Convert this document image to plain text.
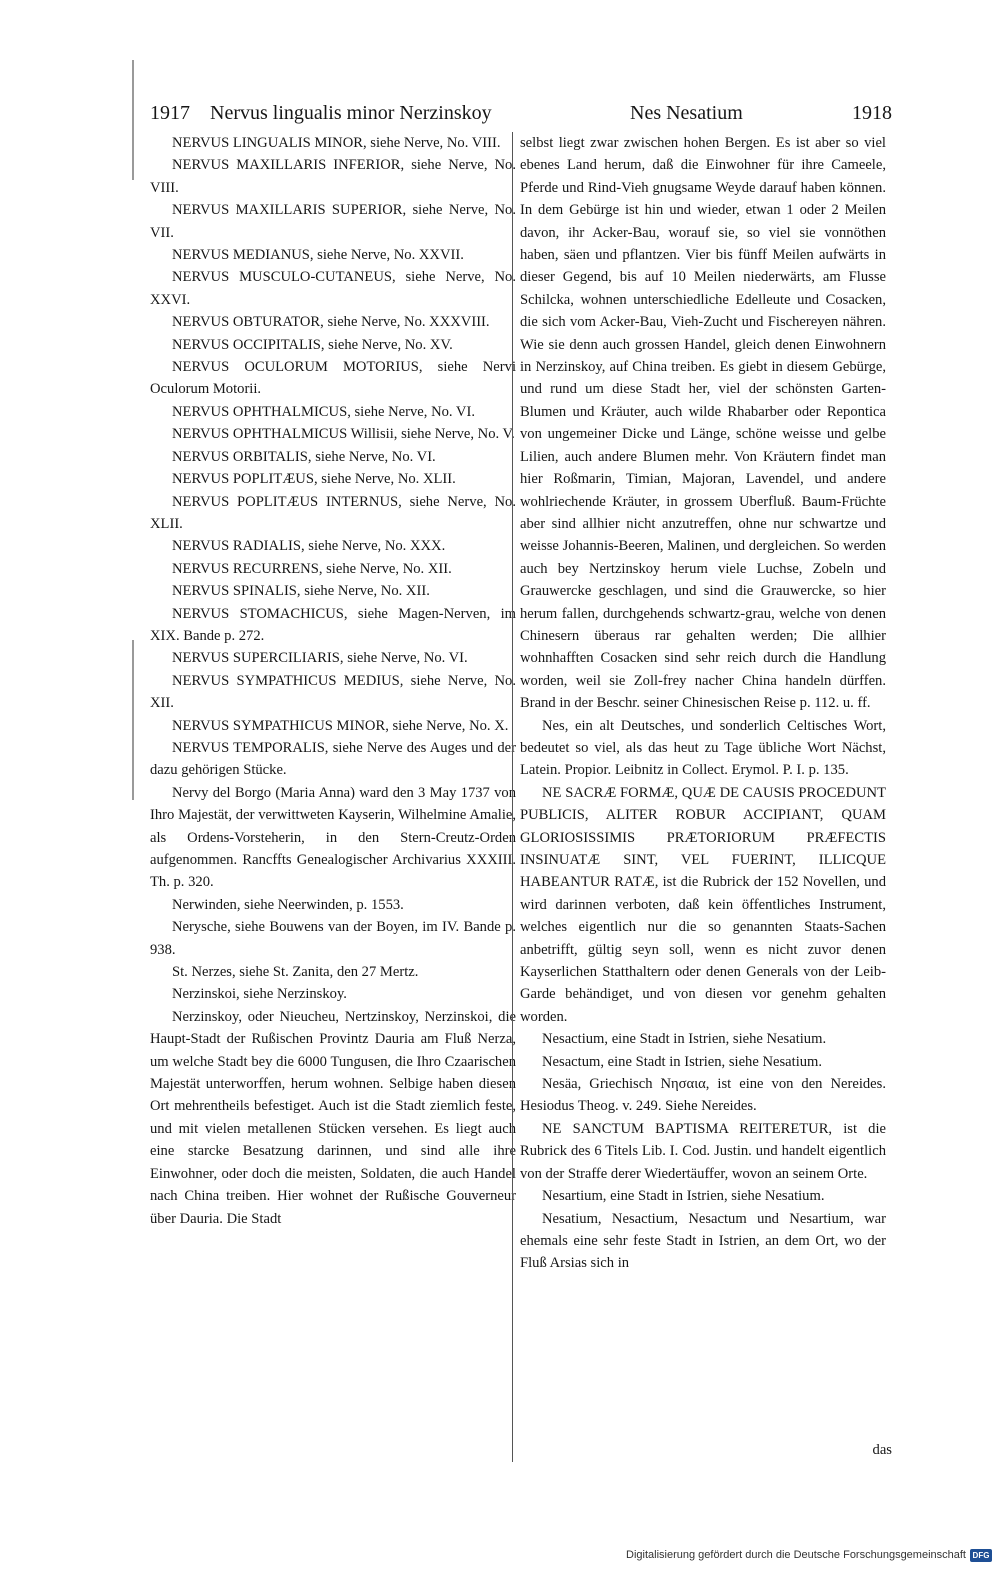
1917 Nervus lingualis minor Nerzinskoy	Nes Nesatium	1918

NERVUS LINGUALIS MINOR, siehe Nerve, No. VIII.

NERVUS MAXILLARIS INFERIOR, siehe Nerve, No. VIII.

NERVUS MAXILLARIS SUPERIOR, siehe Nerve, No. VII.

NERVUS MEDIANUS, siehe Nerve, No. XXVII.

NERVUS MUSCULO-CUTANEUS, siehe Nerve, No. XXVI.

NERVUS OBTURATOR, siehe Nerve, No. XXXVIII.

NERVUS OCCIPITALIS, siehe Nerve, No. XV.

NERVUS OCULORUM MOTORIUS, siehe Nervi Oculorum Motorii.

NERVUS OPHTHALMICUS, siehe Nerve, No. VI.

NERVUS OPHTHALMICUS Willisii, siehe Nerve, No. V.

NERVUS ORBITALIS, siehe Nerve, No. VI.

NERVUS POPLITÆUS, siehe Nerve, No. XLII.

NERVUS POPLITÆUS INTERNUS, siehe Nerve, No. XLII.

NERVUS RADIALIS, siehe Nerve, No. XXX.

NERVUS RECURRENS, siehe Nerve, No. XII.

NERVUS SPINALIS, siehe Nerve, No. XII.

NERVUS STOMACHICUS, siehe Magen-Nerven, im XIX. Bande p. 272.

NERVUS SUPERCILIARIS, siehe Nerve, No. VI.

NERVUS SYMPATHICUS MEDIUS, siehe Nerve, No. XII.

NERVUS SYMPATHICUS MINOR, siehe Nerve, No. X.

NERVUS TEMPORALIS, siehe Nerve des Auges und der dazu gehörigen Stücke.

Nervy del Borgo (Maria Anna) ward den 3 May 1737 von Ihro Majestät, der verwittweten Kayserin, Wilhelmine Amalie, als Ordens-Vorsteherin, in den Stern-Creutz-Orden aufgenommen. Rancffts Genealogischer Archivarius XXXIII. Th. p. 320.

Nerwinden, siehe Neerwinden, p. 1553.

Nerysche, siehe Bouwens van der Boyen, im IV. Bande p. 938.

St. Nerzes, siehe St. Zanita, den 27 Mertz.

Nerzinskoi, siehe Nerzinskoy.

Nerzinskoy, oder Nieucheu, Nertzinskoy, Nerzinskoi, die Haupt-Stadt der Rußischen Provintz Dauria am Fluß Nerza, um welche Stadt bey die 6000 Tungusen, die Ihro Czaarischen Majestät unterworffen, herum wohnen. Selbige haben diesen Ort mehrentheils befestiget. Auch ist die Stadt ziemlich feste, und mit vielen metallenen Stücken versehen. Es liegt auch eine starcke Besatzung darinnen, und sind alle ihre Einwohner, oder doch die meisten, Soldaten, die auch Handel nach China treiben. Hier wohnet der Rußische Gouverneur über Dauria. Die Stadt

selbst liegt zwar zwischen hohen Bergen. Es ist aber so viel ebenes Land herum, daß die Einwohner für ihre Cameele, Pferde und Rind-Vieh gnugsame Weyde darauf haben können. In dem Gebürge ist hin und wieder, etwan 1 oder 2 Meilen davon, ihr Acker-Bau, worauf sie, so viel sie vonnöthen haben, säen und pflantzen. Vier bis fünff Meilen aufwärts in dieser Gegend, bis auf 10 Meilen niederwärts, am Flusse Schilcka, wohnen unterschiedliche Edelleute und Cosacken, die sich vom Acker-Bau, Vieh-Zucht und Fischereyen nähren. Wie sie denn auch grossen Handel, gleich denen Einwohnern in Nerzinskoy, auf China treiben. Es giebt in diesem Gebürge, und rund um diese Stadt her, viel der schönsten Garten-Blumen und Kräuter, auch wilde Rhabarber oder Repontica von ungemeiner Dicke und Länge, schöne weisse und gelbe Lilien, auch andere Blumen mehr. Von Kräutern findet man hier Roßmarin, Timian, Majoran, Lavendel, und andere wohlriechende Kräuter, in grossem Uberfluß. Baum-Früchte aber sind allhier nicht anzutreffen, ohne nur schwartze und weisse Johannis-Beeren, Malinen, und dergleichen. So werden auch bey Nertzinskoy herum viele Luchse, Zobeln und Grauwercke geschlagen, und sind die Grauwercke, so hier herum fallen, durchgehends schwartz-grau, welche von denen Chinesern überaus rar gehalten werden; Die allhier wohnhafften Cosacken sind sehr reich durch die Handlung worden, weil sie Zoll-frey nacher China handeln dürffen. Brand in der Beschr. seiner Chinesischen Reise p. 112. u. ff.

Nes, ein alt Deutsches, und sonderlich Celtisches Wort, bedeutet so viel, als das heut zu Tage übliche Wort Nächst, Latein. Propior. Leibnitz in Collect. Erymol. P. I. p. 135.

NE SACRÆ FORMÆ, QUÆ DE CAUSIS PROCEDUNT PUBLICIS, ALITER ROBUR ACCIPIANT, QUAM GLORIOSISSIMIS PRÆTORIORUM PRÆFECTIS INSINUATÆ SINT, VEL FUERINT, ILLICQUE HABEANTUR RATÆ, ist die Rubrick der 152 Novellen, und wird darinnen verboten, daß kein öffentliches Instrument, welches eigentlich nur die so genannten Staats-Sachen anbetrifft, gültig seyn soll, wenn es nicht zuvor denen Kayserlichen Statthaltern oder denen Generals von der Leib-Garde behändiget, und von diesen vor genehm gehalten worden.

Nesactium, eine Stadt in Istrien, siehe Nesatium.

Nesactum, eine Stadt in Istrien, siehe Nesatium.

Nesäa, Griechisch Νησαια, ist eine von den Nereides. Hesiodus Theog. v. 249. Siehe Nereides.

NE SANCTUM BAPTISMA REITERETUR, ist die Rubrick des 6 Titels Lib. I. Cod. Justin. und handelt eigentlich von der Straffe derer Wiedertäuffer, wovon an seinem Orte.

Nesartium, eine Stadt in Istrien, siehe Nesatium.

Nesatium, Nesactium, Nesactum und Nesartium, war ehemals eine sehr feste Stadt in Istrien, an dem Ort, wo der Fluß Arsias sich in

das
Digitalisierung gefördert durch die Deutsche Forschungsgemeinschaft DFG
